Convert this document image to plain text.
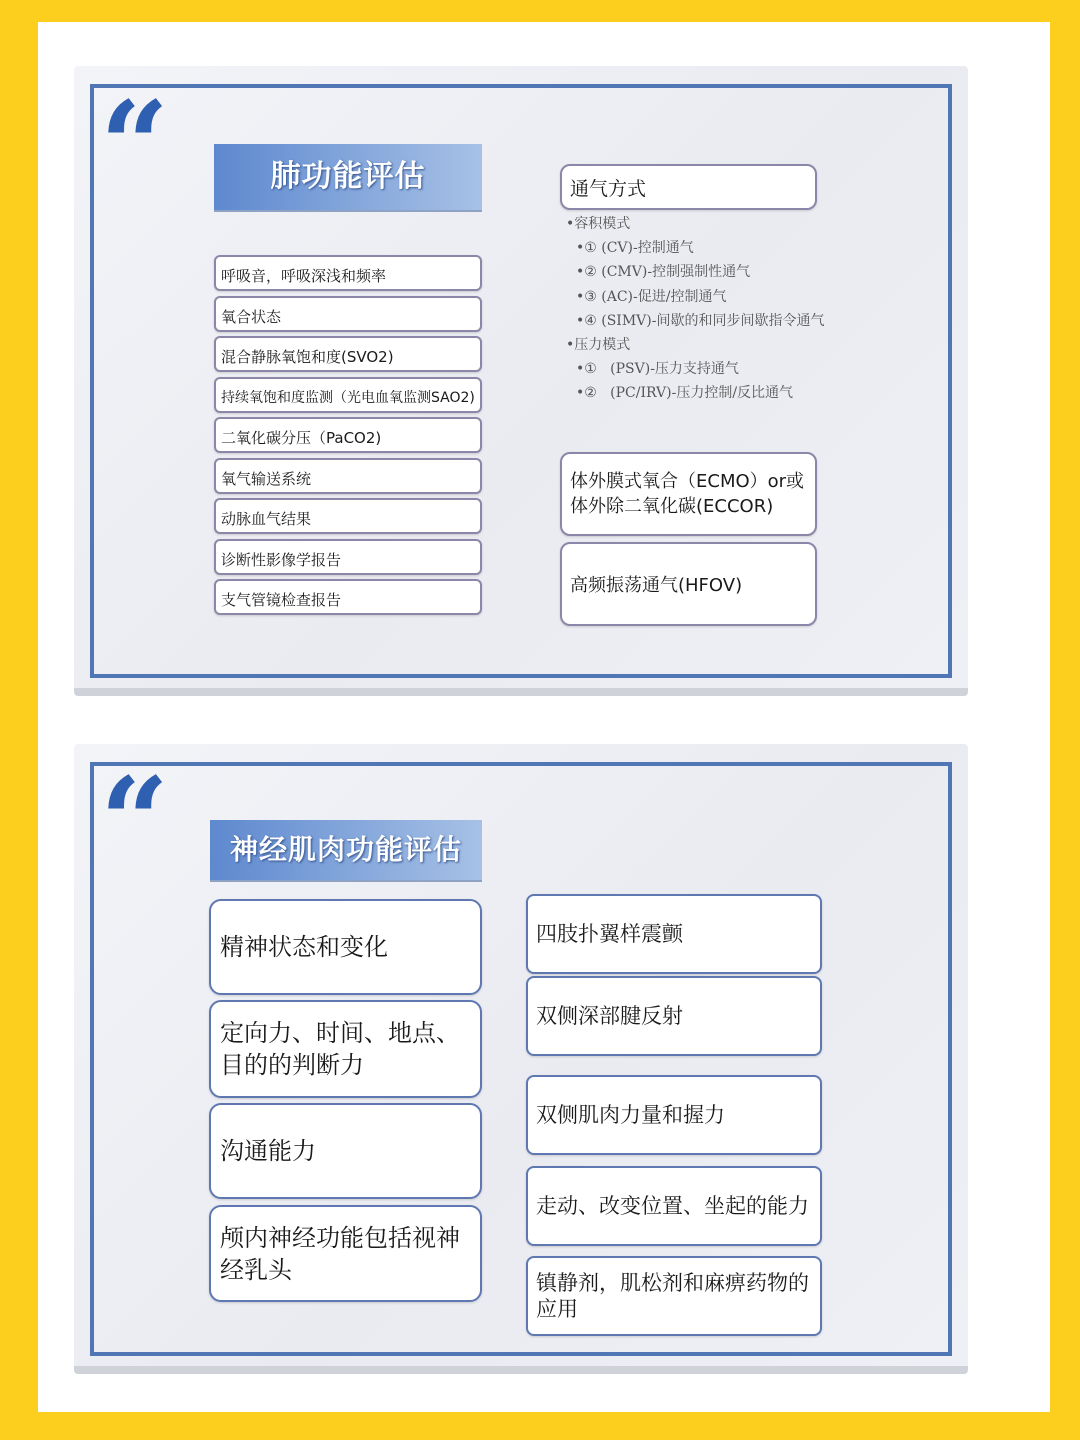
“	肺功能评估
呼吸音，呼吸深浅和频率
氧合状态
混合静脉氧饱和度(SVO2)
持续氧饱和度监测（光电血氧监测SAO2)
二氧化碳分压（PaCO2)
氧气输送系统
动脉血气结果
诊断性影像学报告
支气管镜检查报告
通气方式
•容积模式
•① (CV)-控制通气
•② (CMV)-控制强制性通气
•③ (AC)-促进/控制通气
•④ (SIMV)-间歇的和同步间歇指令通气
•压力模式
•①   (PSV)-压力支持通气
•②   (PC/IRV)-压力控制/反比通气
体外膜式氧合（ECMO）or或体外除二氧化碳(ECCOR)
高频振荡通气(HFOV)
“	神经肌肉功能评估
精神状态和变化
定向力、时间、地点、目的的判断力
沟通能力
颅内神经功能包括视神经乳头
四肢扑翼样震颤
双侧深部腱反射
双侧肌肉力量和握力
走动、改变位置、坐起的能力
镇静剂，肌松剂和麻痹药物的应用
